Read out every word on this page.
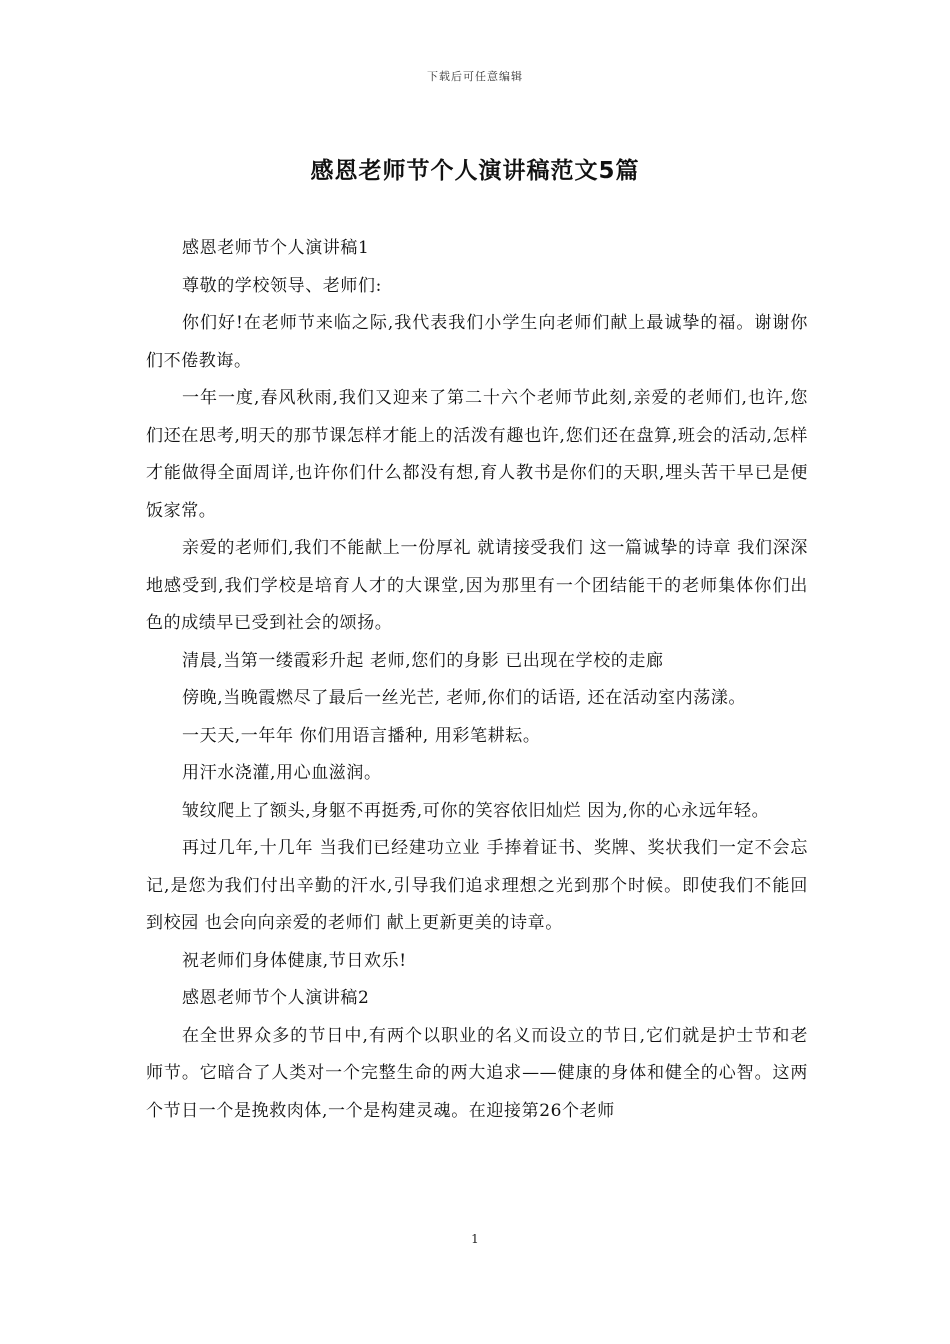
下载后可任意编辑
感恩老师节个人演讲稿范文5篇

感恩老师节个人演讲稿1

尊敬的学校领导、老师们:

你们好!在老师节来临之际,我代表我们小学生向老师们献上最诚挚的福。谢谢你们不倦教诲。

一年一度,春风秋雨,我们又迎来了第二十六个老师节此刻,亲爱的老师们,也许,您们还在思考,明天的那节课怎样才能上的活泼有趣也许,您们还在盘算,班会的活动,怎样才能做得全面周详,也许你们什么都没有想,育人教书是你们的天职,埋头苦干早已是便饭家常。

亲爱的老师们,我们不能献上一份厚礼 就请接受我们 这一篇诚挚的诗章 我们深深地感受到,我们学校是培育人才的大课堂,因为那里有一个团结能干的老师集体你们出色的成绩早已受到社会的颂扬。

清晨,当第一缕霞彩升起 老师,您们的身影 已出现在学校的走廊

傍晚,当晚霞燃尽了最后一丝光芒, 老师,你们的话语, 还在活动室内荡漾。

一天天,一年年 你们用语言播种, 用彩笔耕耘。

用汗水浇灌,用心血滋润。

皱纹爬上了额头,身躯不再挺秀,可你的笑容依旧灿烂 因为,你的心永远年轻。

再过几年,十几年 当我们已经建功立业 手捧着证书、奖牌、奖状我们一定不会忘记,是您为我们付出辛勤的汗水,引导我们追求理想之光到那个时候。即使我们不能回到校园 也会向向亲爱的老师们 献上更新更美的诗章。

祝老师们身体健康,节日欢乐!

感恩老师节个人演讲稿2

在全世界众多的节日中,有两个以职业的名义而设立的节日,它们就是护士节和老师节。它暗合了人类对一个完整生命的两大追求——健康的身体和健全的心智。这两个节日一个是挽救肉体,一个是构建灵魂。在迎接第26个老师

1
